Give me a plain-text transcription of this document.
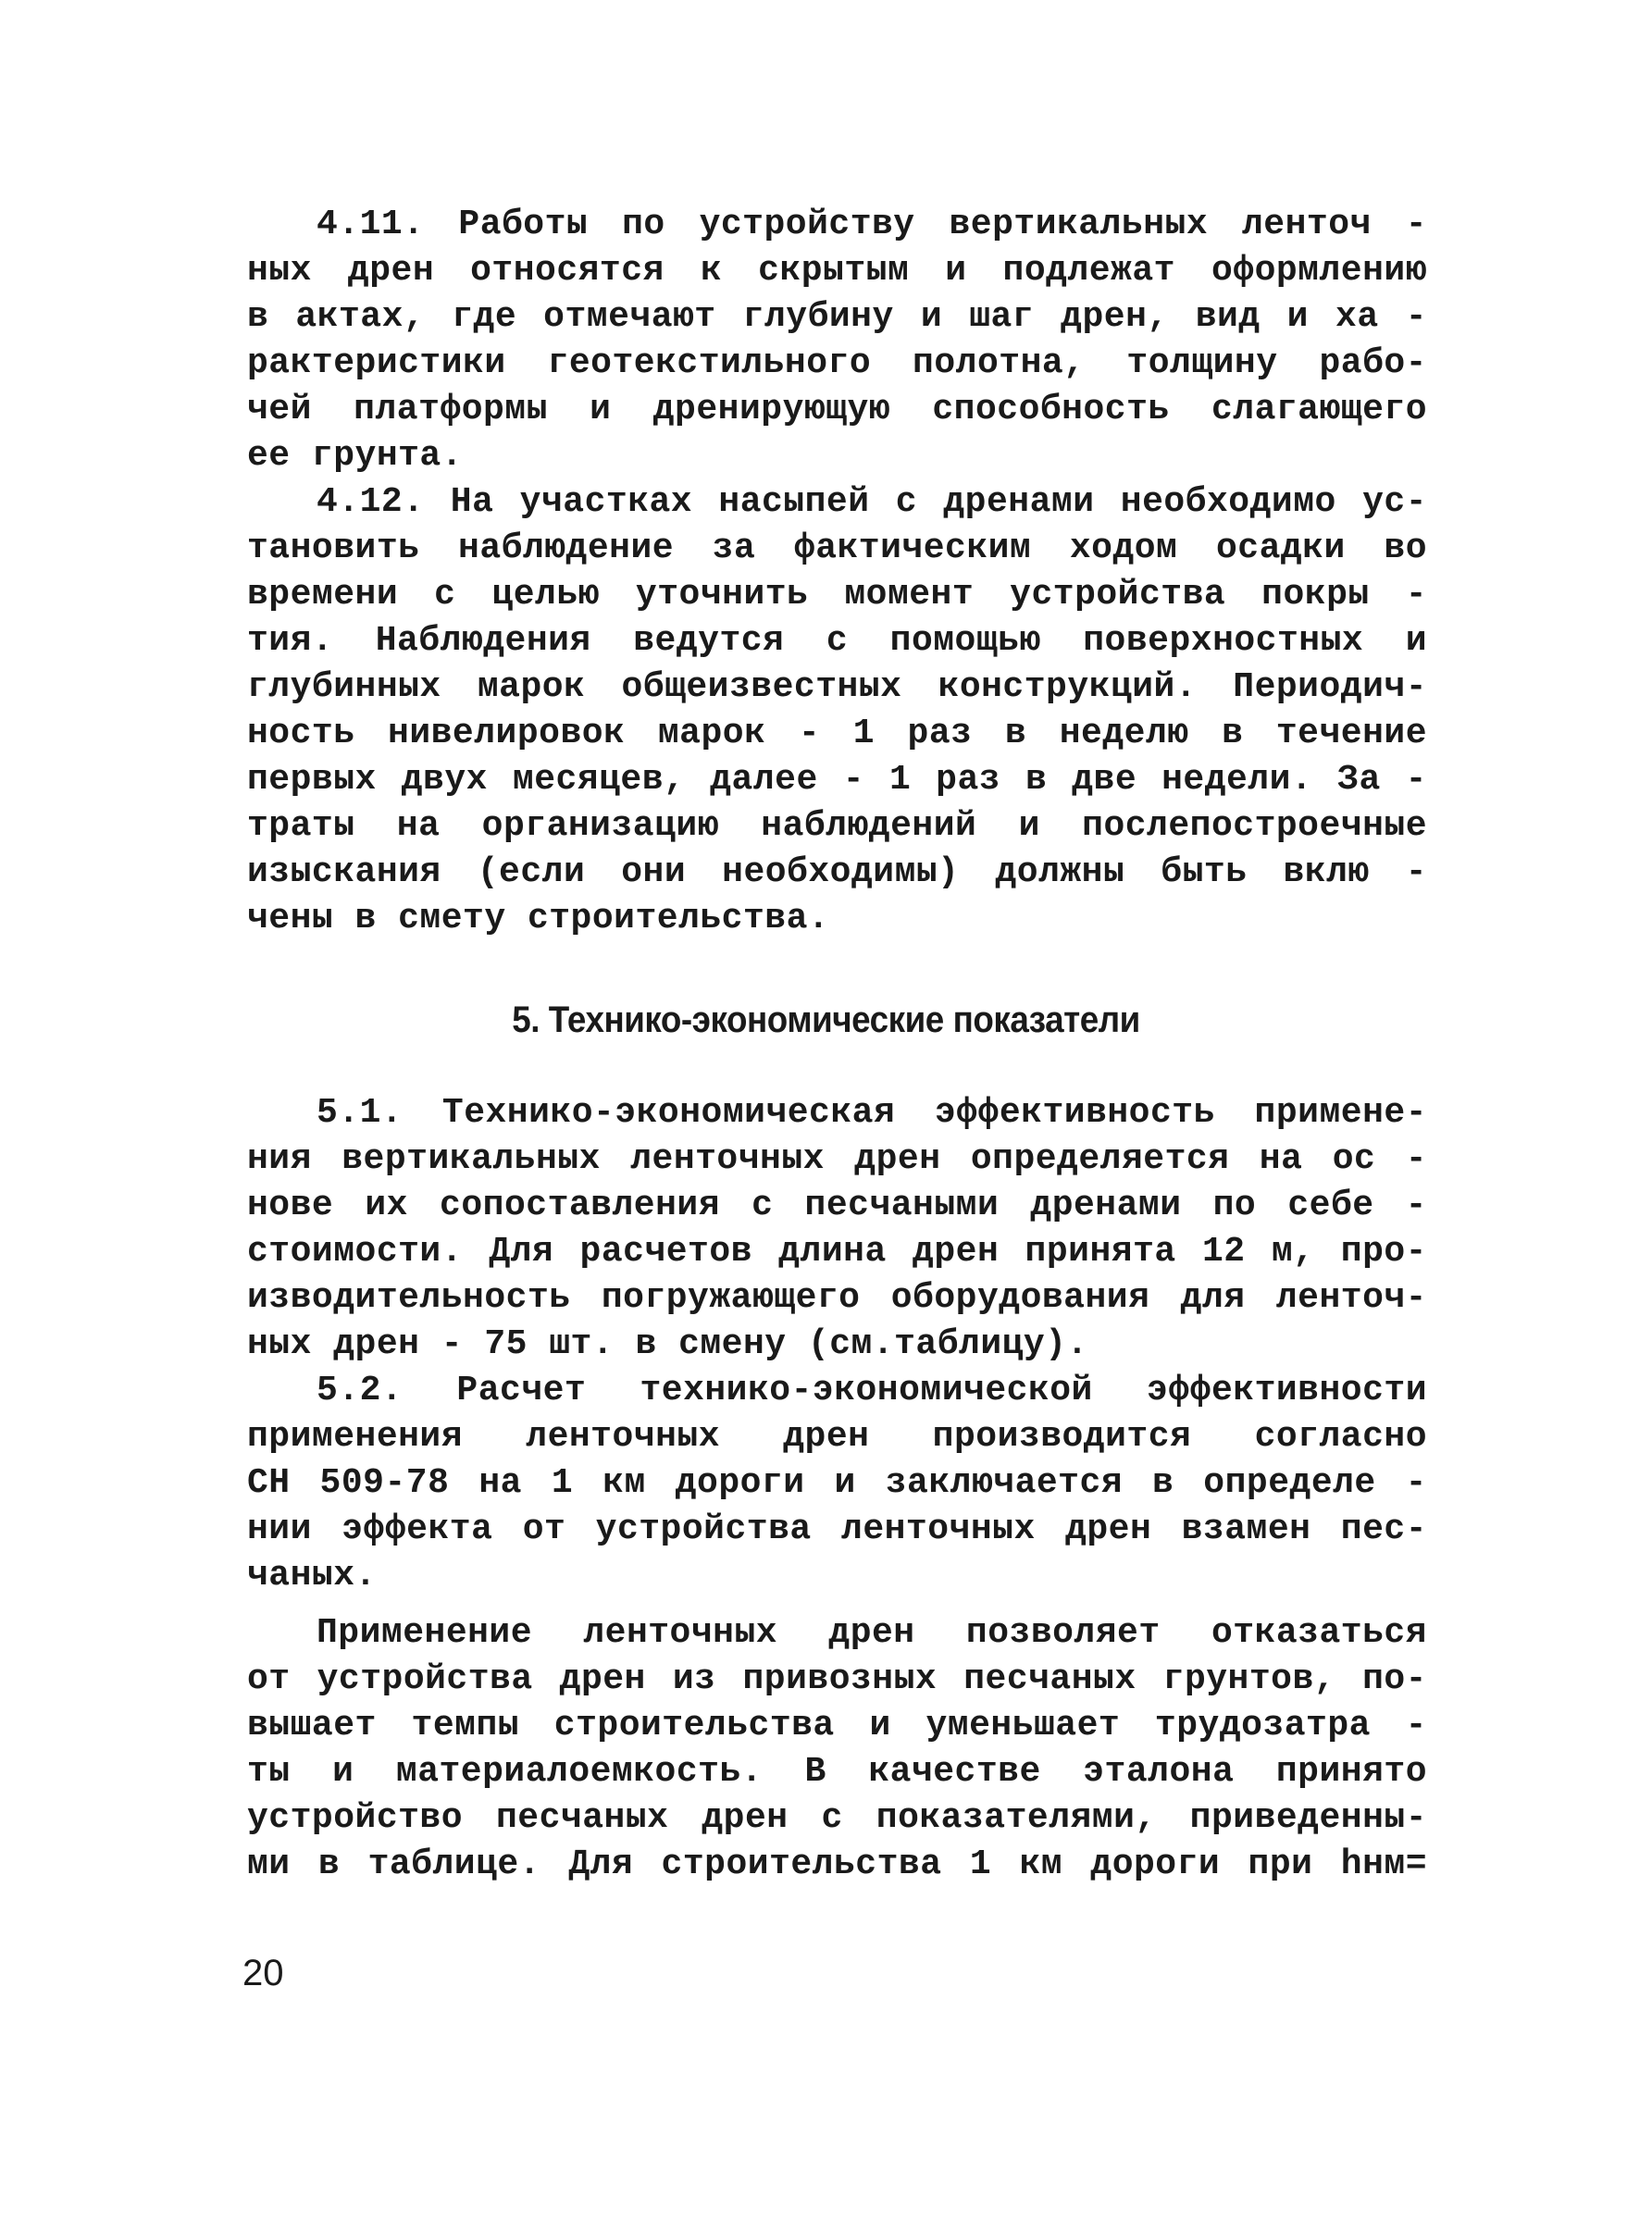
4.11. Работы по устройству вертикальных ленточ -
ных дрен относятся к скрытым и подлежат оформлению
в актах, где отмечают глубину и шаг дрен, вид и ха -
рактеристики геотекстильного полотна, толщину рабо-
чей платформы и дренирующую способность слагающего
ее грунта.
4.12. На участках насыпей с дренами необходимо ус-
тановить наблюдение за фактическим ходом осадки во
времени с целью уточнить момент устройства покры -
тия. Наблюдения ведутся с помощью поверхностных и
глубинных марок общеизвестных конструкций. Периодич-
ность нивелировок марок - 1 раз в неделю в течение
первых двух месяцев, далее - 1 раз в две недели. За -
траты на организацию наблюдений и послепостроечные
изыскания (если они необходимы) должны быть вклю -
чены в смету строительства.
5. Технико-экономические показатели
5.1. Технико-экономическая эффективность примене-
ния вертикальных ленточных дрен определяется на ос -
нове их сопоставления с песчаными дренами по себе -
стоимости. Для расчетов длина дрен принята 12 м, про-
изводительность погружающего оборудования для ленточ-
ных дрен - 75 шт. в смену (см.таблицу).
5.2. Расчет технико-экономической эффективности
применения ленточных дрен производится согласно
СН 509-78 на 1 км дороги и заключается в определе -
нии эффекта от устройства ленточных дрен взамен пес-
чаных.
Применение ленточных дрен позволяет отказаться
от устройства дрен из привозных песчаных грунтов, по-
вышает темпы строительства и уменьшает трудозатра -
ты и материалоемкость. В качестве эталона принято
устройство песчаных дрен с показателями, приведенны-
ми в таблице. Для строительства 1 км дороги при hнм=
20
